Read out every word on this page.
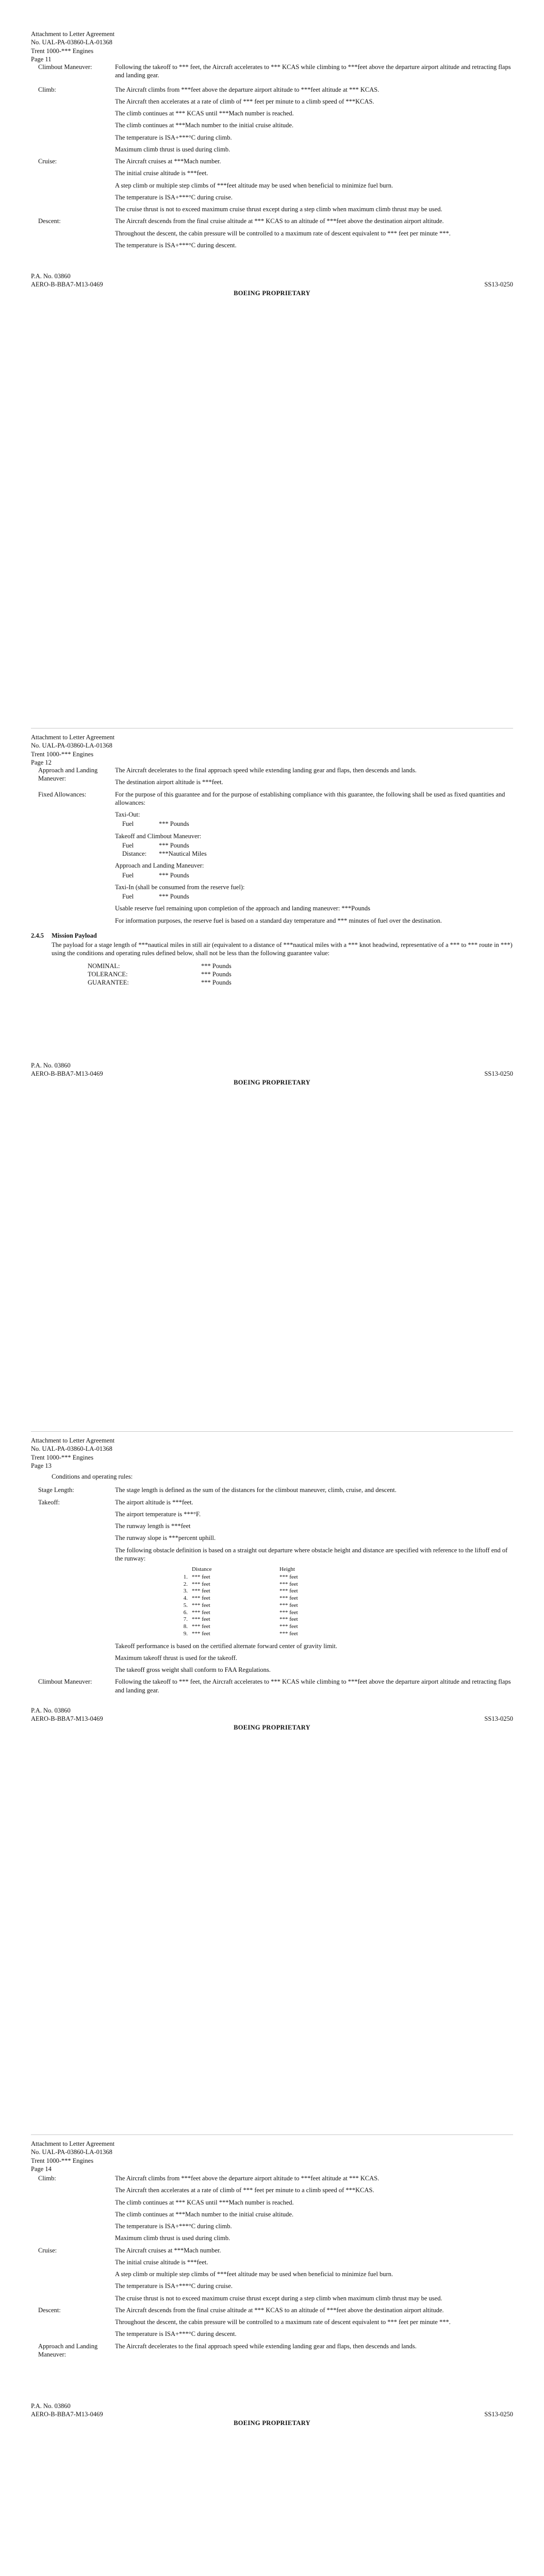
Attachment to Letter Agreement

No. UAL-PA-03860-LA-01368

Trent 1000-*** Engines

Page 11

Climbout Maneuver:	Following the takeoff to *** feet, the Aircraft accelerates to *** KCAS while climbing to ***feet above the departure airport altitude and retracting flaps and landing gear.

Climb:	The Aircraft climbs from ***feet above the departure airport altitude to ***feet altitude at *** KCAS.

The Aircraft then accelerates at a rate of climb of *** feet per minute to a climb speed of ***KCAS.

The climb continues at *** KCAS until ***Mach number is reached.

The climb continues at ***Mach number to the initial cruise altitude.

The temperature is ISA+***°C during climb.

Maximum climb thrust is used during climb.

Cruise:	The Aircraft cruises at ***Mach number.

The initial cruise altitude is ***feet.

A step climb or multiple step climbs of ***feet altitude may be used when beneficial to minimize fuel burn.

The temperature is ISA+***°C during cruise.

The cruise thrust is not to exceed maximum cruise thrust except during a step climb when maximum climb thrust may be used.

Descent:	The Aircraft descends from the final cruise altitude at *** KCAS to an altitude of ***feet above the destination airport altitude.

Throughout the descent, the cabin pressure will be controlled to a maximum rate of descent equivalent to *** feet per minute ***.

The temperature is ISA+***°C during descent.

P.A. No. 03860
AERO-B-BBA7-M13-0469	SS13-0250
BOEING PROPRIETARY

Attachment to Letter Agreement

No. UAL-PA-03860-LA-01368

Trent 1000-*** Engines

Page 12

Approach and Landing Maneuver:

The Aircraft decelerates to the final approach speed while extending landing gear and flaps, then descends and lands.

The destination airport altitude is ***feet.

Fixed Allowances:	For the purpose of this guarantee and for the purpose of establishing compliance with this guarantee, the following shall be used as fixed quantities and allowances:

Taxi-Out:

Fuel	*** Pounds

Takeoff and Climbout Maneuver:

Fuel	*** Pounds
Distance:	***Nautical Miles

Approach and Landing Maneuver:

Fuel	*** Pounds

Taxi-In (shall be consumed from the reserve fuel):

Fuel	*** Pounds

Usable reserve fuel remaining upon completion of the approach and landing maneuver: ***Pounds

For information purposes, the reserve fuel is based on a standard day temperature and *** minutes of fuel over the destination.

2.4.5 Mission Payload

The payload for a stage length of ***nautical miles in still air (equivalent to a distance of ***nautical miles with a *** knot headwind, representative of a *** to *** route in ***) using the conditions and operating rules defined below, shall not be less than the following guarantee value:

NOMINAL:	*** Pounds
TOLERANCE:	*** Pounds
GUARANTEE:	*** Pounds
P.A. No. 03860
AERO-B-BBA7-M13-0469	SS13-0250
BOEING PROPRIETARY

Attachment to Letter Agreement

No. UAL-PA-03860-LA-01368

Trent 1000-*** Engines

Page 13

Conditions and operating rules:

Stage Length:	The stage length is defined as the sum of the distances for the climbout maneuver, climb, cruise, and descent.

Takeoff:	The airport altitude is ***feet.

The airport temperature is ***°F.

The runway length is ***feet

The runway slope is ***percent uphill.

The following obstacle definition is based on a straight out departure where obstacle height and distance are specified with reference to the liftoff end of the runway:

	Distance	Height
1.	*** feet	*** feet
2.	*** feet	*** feet
3.	*** feet	*** feet
4.	*** feet	*** feet
5.	*** feet	*** feet
6.	*** feet	*** feet
7.	*** feet	*** feet
8.	*** feet	*** feet
9.	*** feet	*** feet

Takeoff performance is based on the certified alternate forward center of gravity limit.

Maximum takeoff thrust is used for the takeoff.

The takeoff gross weight shall conform to FAA Regulations.

Climbout Maneuver:	Following the takeoff to *** feet, the Aircraft accelerates to *** KCAS while climbing to ***feet above the departure airport altitude and retracting flaps and landing gear.

P.A. No. 03860
AERO-B-BBA7-M13-0469	SS13-0250
BOEING PROPRIETARY

Attachment to Letter Agreement

No. UAL-PA-03860-LA-01368

Trent 1000-*** Engines

Page 14

Climb:	The Aircraft climbs from ***feet above the departure airport altitude to ***feet altitude at *** KCAS.

The Aircraft then accelerates at a rate of climb of *** feet per minute to a climb speed of ***KCAS.

The climb continues at *** KCAS until ***Mach number is reached.

The climb continues at ***Mach number to the initial cruise altitude.

The temperature is ISA+***°C during climb.

Maximum climb thrust is used during climb.

Cruise:	The Aircraft cruises at ***Mach number.

The initial cruise altitude is ***feet.

A step climb or multiple step climbs of ***feet altitude may be used when beneficial to minimize fuel burn.

The temperature is ISA+***°C during cruise.

The cruise thrust is not to exceed maximum cruise thrust except during a step climb when maximum climb thrust may be used.

Descent:	The Aircraft descends from the final cruise altitude at *** KCAS to an altitude of ***feet above the destination airport altitude.

Throughout the descent, the cabin pressure will be controlled to a maximum rate of descent equivalent to *** feet per minute ***.

The temperature is ISA+***°C during descent.

Approach and Landing Maneuver:

The Aircraft decelerates to the final approach speed while extending landing gear and flaps, then descends and lands.

P.A. No. 03860
AERO-B-BBA7-M13-0469	SS13-0250
BOEING PROPRIETARY
